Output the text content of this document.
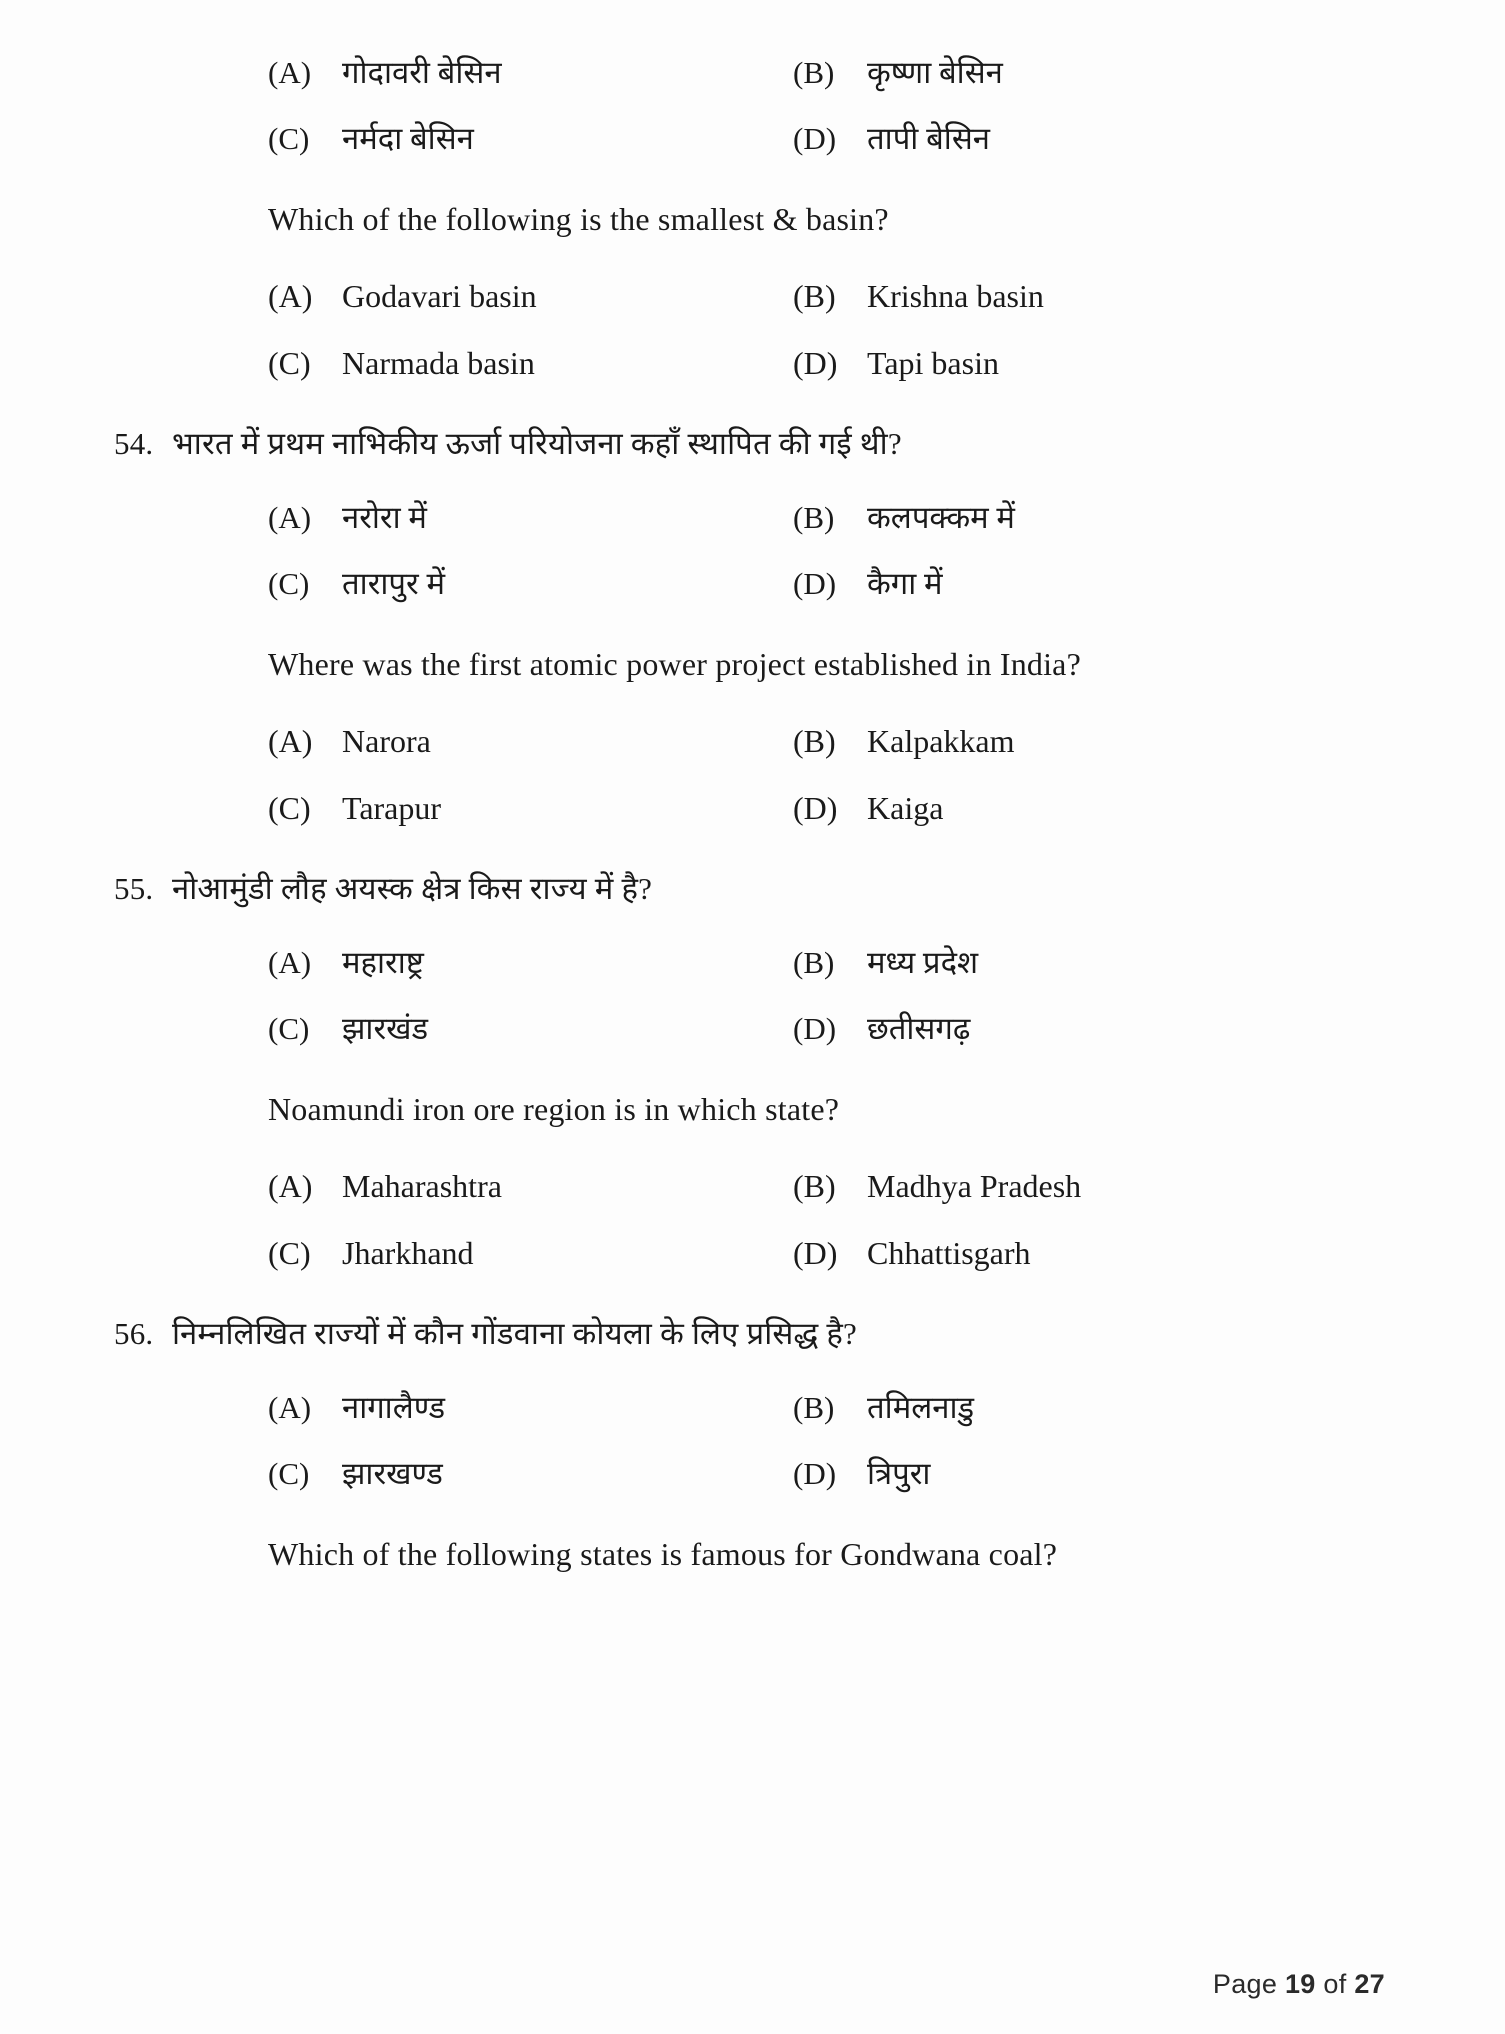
(A) गोदावरी बेसिन	(B)	कृष्णा बेसिन
(C)	नर्मदा बेसिन	(D) तापी बेसिन
Which of the following is the smallest & basin?
(A) Godavari basin	(B) Krishna basin
(C) Narmada basin	(D) Tapi basin
54. भारत में प्रथम नाभिकीय ऊर्जा परियोजना कहाँ स्थापित की गई थी?
(A) नरोरा में	(B)	कलपक्कम में
(C)	तारापुर में	(D) कैगा में
Where was the first atomic power project established in India?
(A) Narora	(B) Kalpakkam
(C) Tarapur	(D) Kaiga
55. नोआमुंडी लौह अयस्क क्षेत्र किस राज्य में है?
(A) महाराष्ट्र	(B)	मध्य प्रदेश
(C)	झारखंड	(D) छतीसगढ़
Noamundi iron ore region is in which state?
(A) Maharashtra	(B) Madhya Pradesh
(C) Jharkhand	(D) Chhattisgarh
56. निम्नलिखित राज्यों में कौन गोंडवाना कोयला के लिए प्रसिद्ध है?
(A) नागालैण्ड	(B)	तमिलनाडु
(C)	झारखण्ड	(D) त्रिपुरा
Which of the following states is famous for Gondwana coal?
Page 19 of 27
